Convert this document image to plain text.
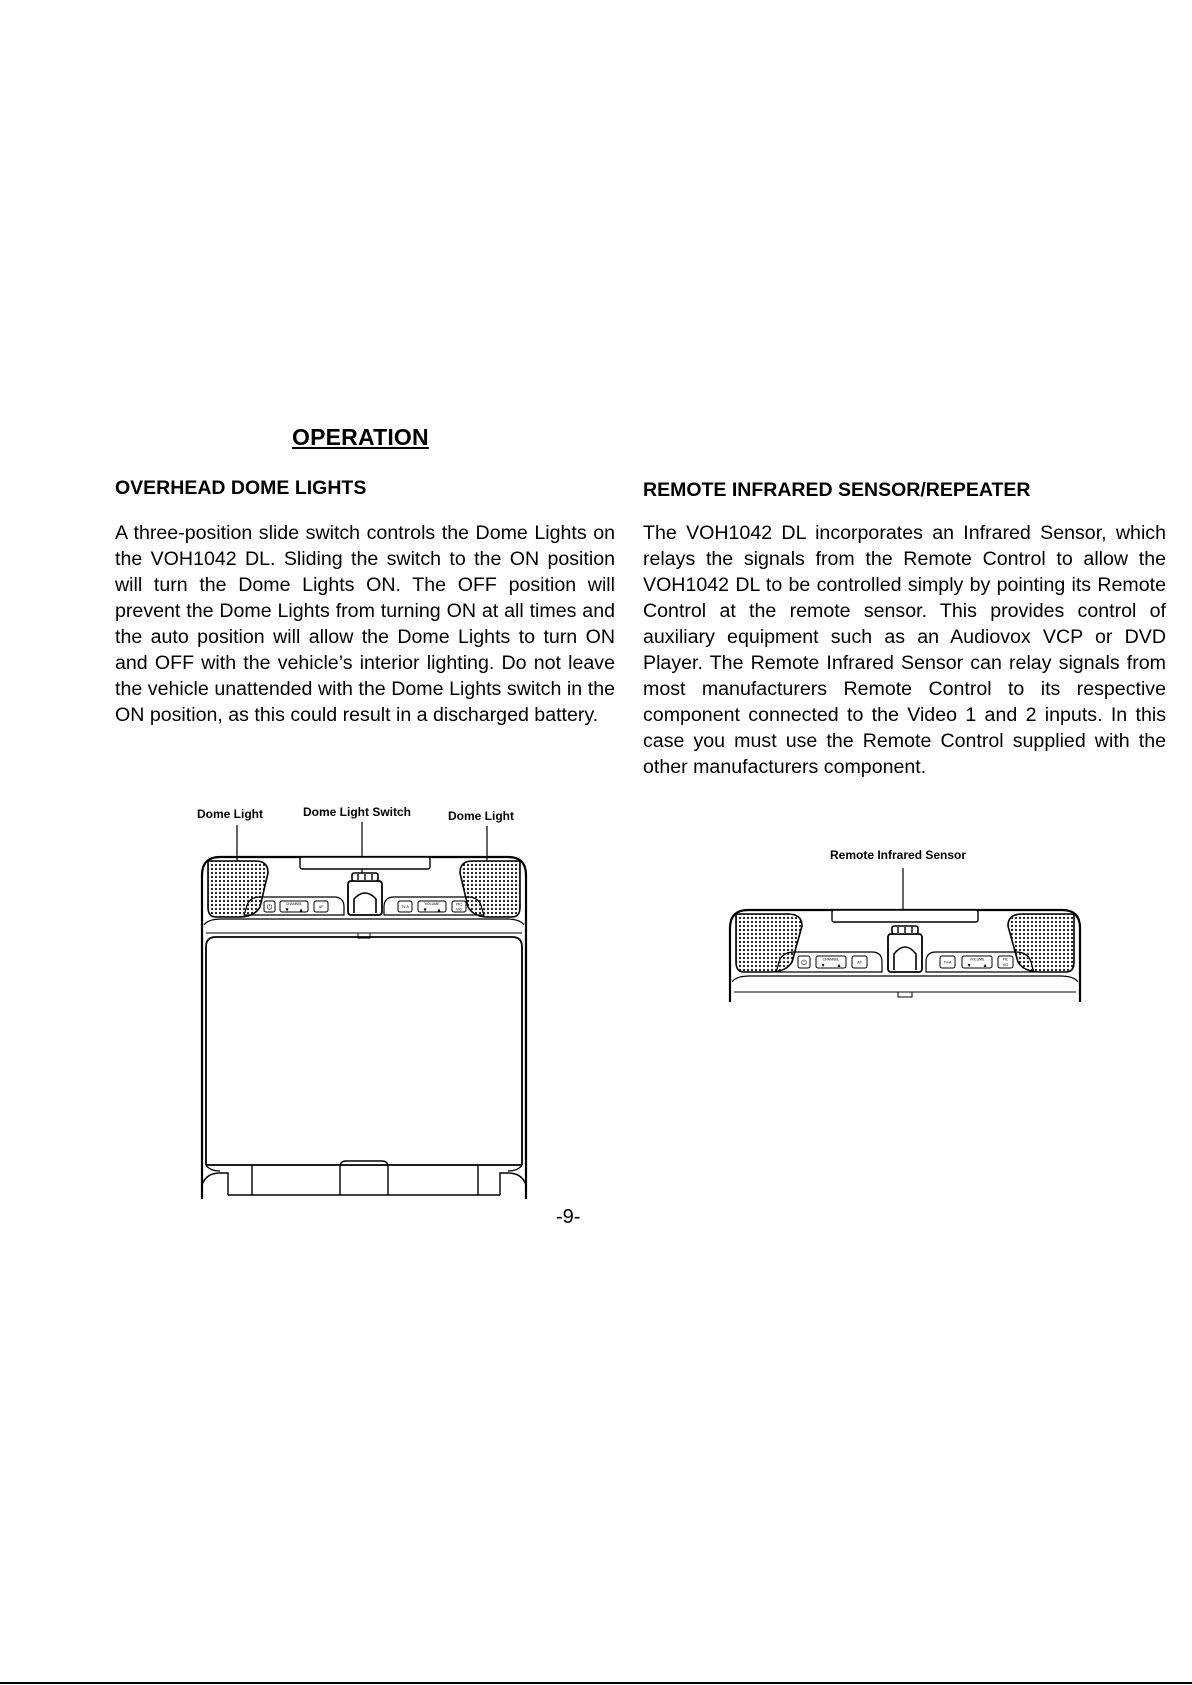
OPERATION
OVERHEAD DOME LIGHTS

A three-position slide switch controls the Dome Lights on the VOH1042 DL. Sliding the switch to the ON position will turn the Dome Lights ON. The OFF position will prevent the Dome Lights from turning ON at all times and the auto position will allow the Dome Lights to turn ON and OFF with the vehicle’s interior lighting. Do not leave the vehicle unattended with the Dome Lights switch in the ON position, as this could result in a discharged battery.

REMOTE INFRARED SENSOR/REPEATER

The VOH1042 DL incorporates an Infrared Sensor, which relays the signals from the Remote Control to allow the VOH1042 DL to be controlled simply by pointing its Remote Control at the remote sensor. This provides control of auxiliary equipment such as an Audiovox VCP or DVD Player. The Remote Infrared Sensor can relay signals from most manufacturers Remote Control to its respective component connected to the Video 1 and 2 inputs. In this case you must use the Remote Control supplied with the other manufacturers component.

Dome Light	Dome Light Switch	Dome Light
Remote Infrared Sensor
⏻	CHANNEL
▼	▲	AF	TV-A
VOLUME
▼	▲
PIC
VO
⏻	CHANNEL
▼	▲	AF	TV-A
VOLUME
▼	▲
PIC
VO
-9-
